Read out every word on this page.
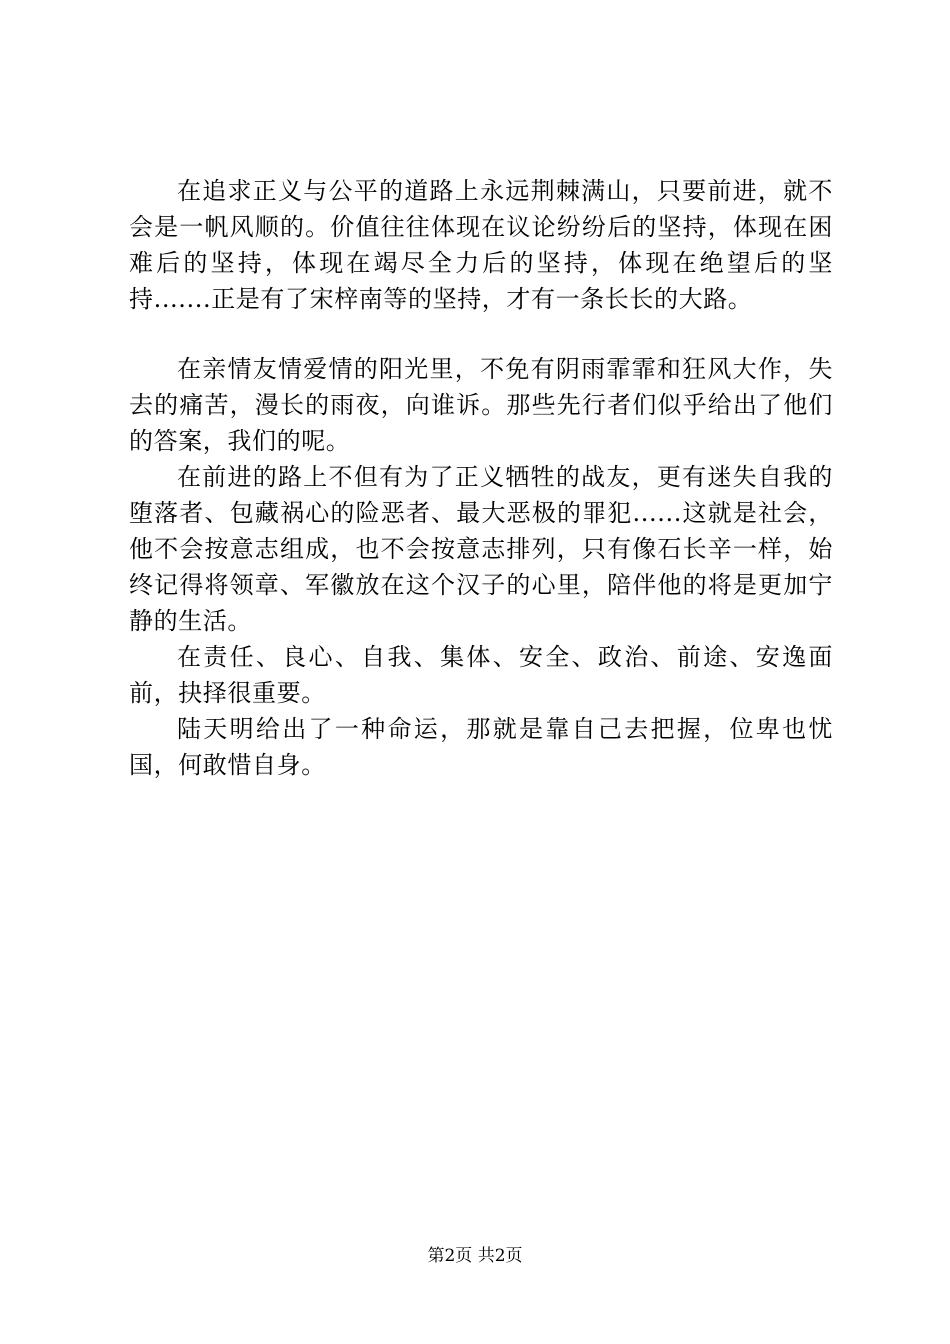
在追求正义与公平的道路上永远荆棘满山，只要前进，就不会是一帆风顺的。价值往往体现在议论纷纷后的坚持，体现在困难后的坚持，体现在竭尽全力后的坚持，体现在绝望后的坚持.......正是有了宋梓南等的坚持，才有一条长长的大路。

在亲情友情爱情的阳光里，不免有阴雨霏霏和狂风大作，失去的痛苦，漫长的雨夜，向谁诉。那些先行者们似乎给出了他们的答案，我们的呢。

在前进的路上不但有为了正义牺牲的战友，更有迷失自我的堕落者、包藏祸心的险恶者、最大恶极的罪犯......这就是社会，他不会按意志组成，也不会按意志排列，只有像石长辛一样，始终记得将领章、军徽放在这个汉子的心里，陪伴他的将是更加宁静的生活。

在责任、良心、自我、集体、安全、政治、前途、安逸面前，抉择很重要。

陆天明给出了一种命运，那就是靠自己去把握，位卑也忧国，何敢惜自身。

第2页 共2页
